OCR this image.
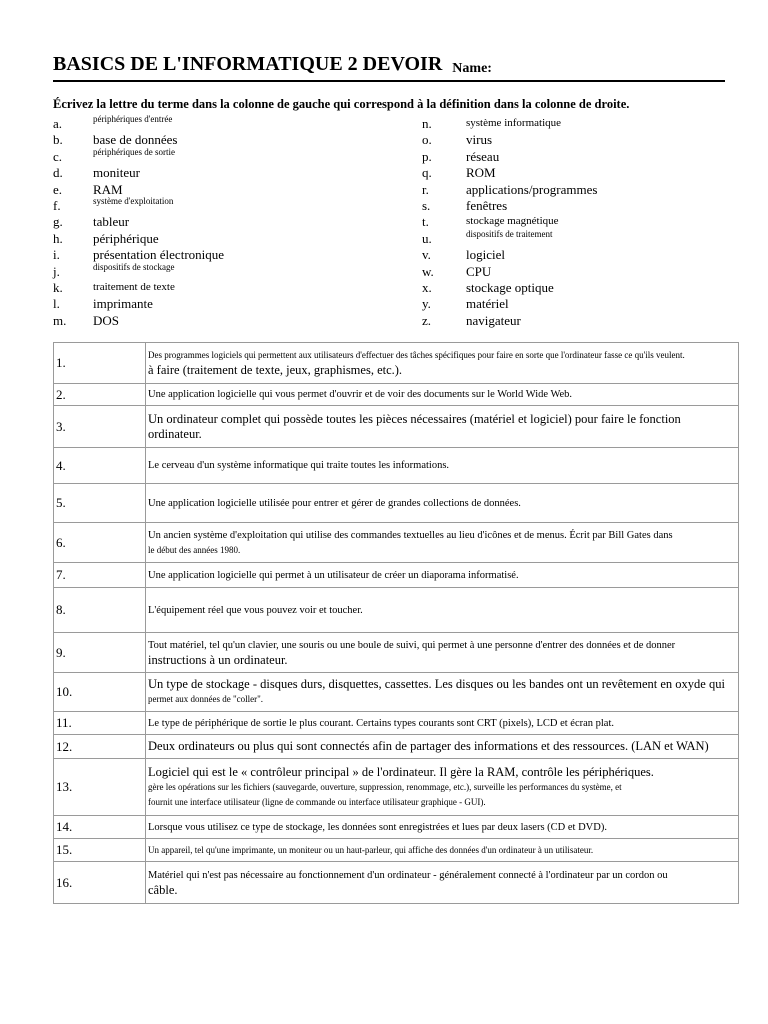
BASICS DE L'INFORMATIQUE 2 DEVOIR Name:
Écrivez la lettre du terme dans la colonne de gauche qui correspond à la définition dans la colonne de droite.
a.	périphériques d'entrée
b. base de données
c.	périphériques de sortie
d. moniteur
e. RAM
f.	système d'exploitation
g. tableur
h. périphérique
i.	présentation électronique
j.	dispositifs de stockage
k.	traitement de texte
l.	imprimante
m. DOS
n.	système informatique
o.	virus
p.	réseau
q.	ROM
r.	applications/programmes
s.	fenêtres
t.	stockage magnétique
u.	dispositifs de traitement
v.	logiciel
w. CPU
x.	stockage optique
y.	matériel
z.	navigateur
1.	Des programmes logiciels qui permettent aux utilisateurs d'effectuer des tâches spécifiques pour faire en sorte que l'ordinateur fasse ce qu'ils veulent.
à faire (traitement de texte, jeux, graphismes, etc.).

2.	Une application logicielle qui vous permet d'ouvrir et de voir des documents sur le World Wide Web.

3.	Un ordinateur complet qui possède toutes les pièces nécessaires (matériel et logiciel) pour faire le fonction ordinateur.

4.	Le cerveau d'un système informatique qui traite toutes les informations.

5.	Une application logicielle utilisée pour entrer et gérer de grandes collections de données.

6.	Un ancien système d'exploitation qui utilise des commandes textuelles au lieu d'icônes et de menus. Écrit par Bill Gates dans
le début des années 1980.

7.	Une application logicielle qui permet à un utilisateur de créer un diaporama informatisé.

8.	L'équipement réel que vous pouvez voir et toucher.

9.	Tout matériel, tel qu'un clavier, une souris ou une boule de suivi, qui permet à une personne d'entrer des données et de donner
instructions à un ordinateur.

10.	Un type de stockage - disques durs, disquettes, cassettes. Les disques ou les bandes ont un revêtement en oxyde qui
permet aux données de "coller".

11.	Le type de périphérique de sortie le plus courant. Certains types courants sont CRT (pixels), LCD et écran plat.

12.	Deux ordinateurs ou plus qui sont connectés afin de partager des informations et des ressources. (LAN et WAN)

13.	Logiciel qui est le « contrôleur principal » de l'ordinateur. Il gère la RAM, contrôle les périphériques.
gère les opérations sur les fichiers (sauvegarde, ouverture, suppression, renommage, etc.), surveille les performances du système, et
fournit une interface utilisateur (ligne de commande ou interface utilisateur graphique - GUI).

14.	Lorsque vous utilisez ce type de stockage, les données sont enregistrées et lues par deux lasers (CD et DVD).

15.	Un appareil, tel qu'une imprimante, un moniteur ou un haut-parleur, qui affiche des données d'un ordinateur à un utilisateur.

16.	Matériel qui n'est pas nécessaire au fonctionnement d'un ordinateur - généralement connecté à l'ordinateur par un cordon ou
câble.
